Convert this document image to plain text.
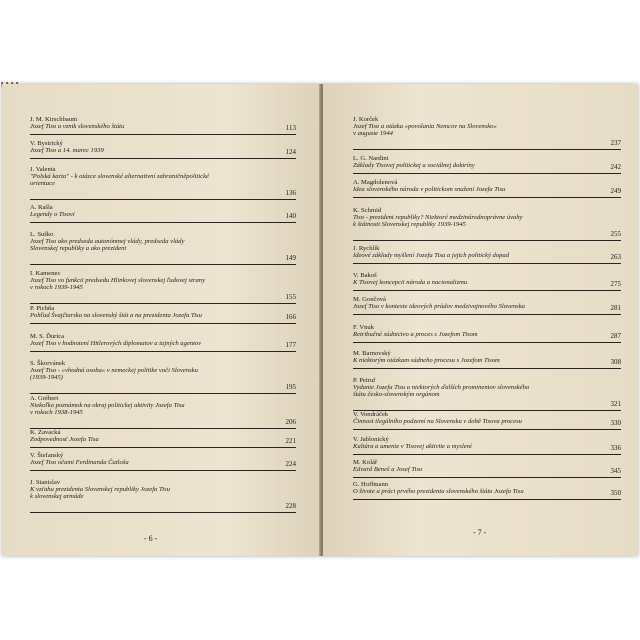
J. M. Kirschbaum
Jozef Tiso a vznik slovenského štátu	113
V. Bystrický
Jozef Tiso a 14. marec 1939	124
J. Valenta
"Polská karta" - k otázce slovenské alternativní zahraničněpolitické
orientace
136
A. Rašla
Legendy o Tisovi	140
L. Suško
Jozef Tiso ako predseda autonómnej vlády, predseda vlády
Slovenskej republiky a ako prezident
149
I. Kamenec
Jozef Tiso vo funkcii predsedu Hlinkovej slovenskej ľudovej strany
v rokoch 1939-1945
155
P. Pichňa
Pohľad Švajčiarska na slovenský štát a na prezidenta Jozefa Tisu	166
M. S. Ďurica
Jozef Tiso v hodnotení Hitlerových diplomatov a tajných agentov	177
S. Škorvánek
Jozef Tiso - »vhodná osoba« v nemeckej politike voči Slovensku
(1939-1945)
195
A. Grébert
Niekoľko poznámok na okraj politickej aktivity Jozefa Tisu
v rokoch 1938-1945
206
K. Zavacká
Zodpovednosť Jozefa Tisu	221
V. Štefanský
Jozef Tiso očami Ferdinanda Čatloša	224
J. Stanislav
K vzťahu prezidenta Slovenskej republiky Jozefa Tisu
k slovenskej armáde
228
- 6 -
J. Korček
Jozef Tiso a otázka »povolania Nemcov na Slovensko«
v auguste 1944
237
L. G. Nardini
Základy Tisovej politickej a sociálnej doktríny	242
A. Magdolenová
Idea slovenského národa v politickom snažení Jozefa Tisu	249
K. Schmid
Tiso - prezident republiky? Niektoré medzinárodnoprávne úvahy
k štátnosti Slovenskej republiky 1939-1945
255
J. Rychlík
Ideové základy myšlení Jozefa Tisa a jejich politický dopad	263
V. Bakoš
K Tisovej koncepcii národa a nacionalizmu	275
M. Gončová
Jozef Tiso v kontexte ideových prúdov medzivojnového Slovenska	281
F. Vnuk
Retribučné súdnictvo a proces s Jozefom Tisom	287
M. Barnovský
K niektorým otázkam súdneho procesu s Jozefom Tisom	308
P. Petruf
Vydanie Jozefa Tisu a niektorých ďalších prominentov slovenského
štátu česko-slovenským orgánom
321
V. Vondráček
Činnost ilegálního podzemí na Slovensku v době Tisova procesu	330
V. Jablonický
Kultúra a umenie v Tisovej aktivite a myslení	336
M. Kolář
Edvard Beneš a Josef Tiso	345
G. Hoffmann
O živote a práci prvého prezidenta slovenského štátu Jozefa Tisu	350
- 7 -
